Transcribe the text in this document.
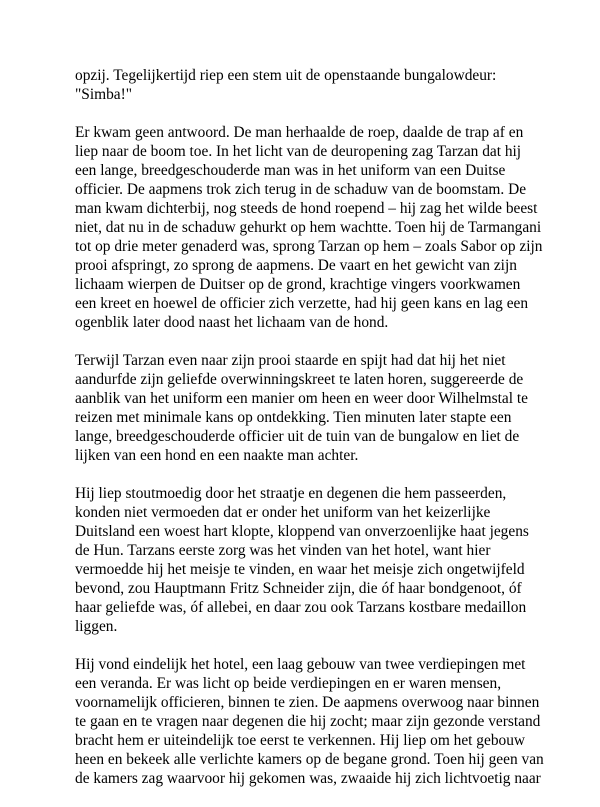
opzij. Tegelijkertijd riep een stem uit de openstaande bungalowdeur:
"Simba!"

Er kwam geen antwoord. De man herhaalde de roep, daalde de trap af en
liep naar de boom toe. In het licht van de deuropening zag Tarzan dat hij
een lange, breedgeschouderde man was in het uniform van een Duitse
officier. De aapmens trok zich terug in de schaduw van de boomstam. De
man kwam dichterbij, nog steeds de hond roepend – hij zag het wilde beest
niet, dat nu in de schaduw gehurkt op hem wachtte. Toen hij de Tarmangani
tot op drie meter genaderd was, sprong Tarzan op hem – zoals Sabor op zijn
prooi afspringt, zo sprong de aapmens. De vaart en het gewicht van zijn
lichaam wierpen de Duitser op de grond, krachtige vingers voorkwamen
een kreet en hoewel de officier zich verzette, had hij geen kans en lag een
ogenblik later dood naast het lichaam van de hond.

Terwijl Tarzan even naar zijn prooi staarde en spijt had dat hij het niet
aandurfde zijn geliefde overwinningskreet te laten horen, suggereerde de
aanblik van het uniform een manier om heen en weer door Wilhelmstal te
reizen met minimale kans op ontdekking. Tien minuten later stapte een
lange, breedgeschouderde officier uit de tuin van de bungalow en liet de
lijken van een hond en een naakte man achter.

Hij liep stoutmoedig door het straatje en degenen die hem passeerden,
konden niet vermoeden dat er onder het uniform van het keizerlijke
Duitsland een woest hart klopte, kloppend van onverzoenlijke haat jegens
de Hun. Tarzans eerste zorg was het vinden van het hotel, want hier
vermoedde hij het meisje te vinden, en waar het meisje zich ongetwijfeld
bevond, zou Hauptmann Fritz Schneider zijn, die óf haar bondgenoot, óf
haar geliefde was, óf allebei, en daar zou ook Tarzans kostbare medaillon
liggen.

Hij vond eindelijk het hotel, een laag gebouw van twee verdiepingen met
een veranda. Er was licht op beide verdiepingen en er waren mensen,
voornamelijk officieren, binnen te zien. De aapmens overwoog naar binnen
te gaan en te vragen naar degenen die hij zocht; maar zijn gezonde verstand
bracht hem er uiteindelijk toe eerst te verkennen. Hij liep om het gebouw
heen en bekeek alle verlichte kamers op de begane grond. Toen hij geen van
de kamers zag waarvoor hij gekomen was, zwaaide hij zich lichtvoetig naar
